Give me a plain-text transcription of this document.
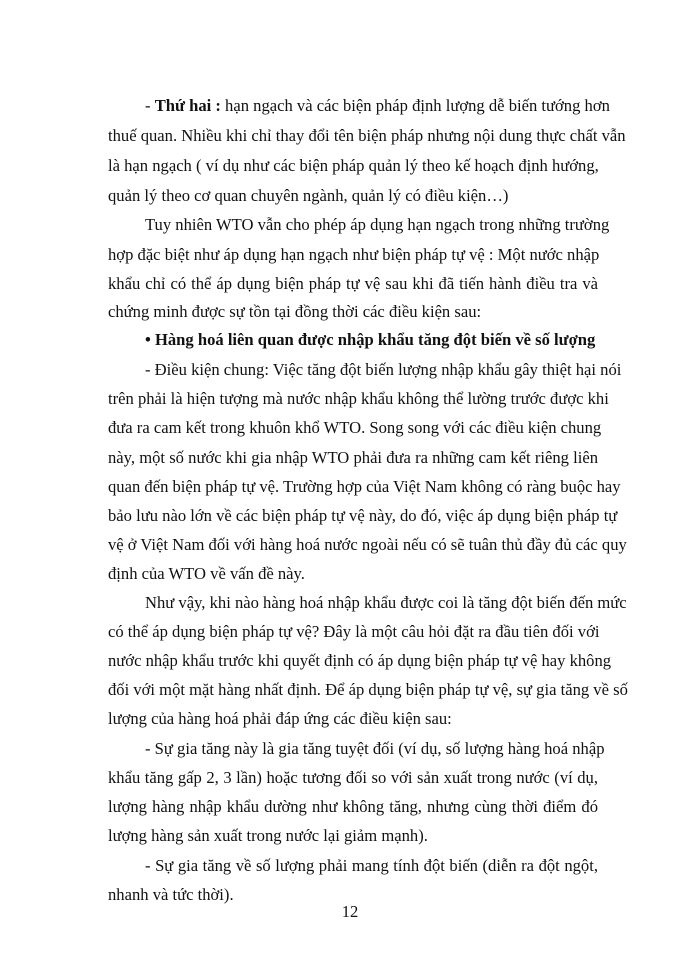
- Thứ hai : hạn ngạch và các biện pháp định lượng dễ biến tướng hơn
thuế quan. Nhiều khi chỉ thay đổi tên biện pháp nhưng nội dung thực chất vẫn
là hạn ngạch ( ví dụ như các biện pháp quản lý theo kế hoạch định hướng,
quản lý theo cơ quan chuyên ngành, quản lý có điều kiện…)
Tuy nhiên WTO vẫn cho phép áp dụng hạn ngạch trong những trường
hợp đặc biệt như áp dụng hạn ngạch như biện pháp tự vệ : Một nước nhập
khẩu chỉ có thể áp dụng biện pháp tự vệ sau khi đã tiến hành điều tra và
chứng minh được sự tồn tại đồng thời các điều kiện sau:
• Hàng hoá liên quan được nhập khẩu tăng đột biến về số lượng
- Điều kiện chung: Việc tăng đột biến lượng nhập khẩu gây thiệt hại nói
trên phải là hiện tượng mà nước nhập khẩu không thể lường trước được khi
đưa ra cam kết trong khuôn khổ WTO. Song song với các điều kiện chung
này, một số nước khi gia nhập WTO phải đưa ra những cam kết riêng liên
quan đến biện pháp tự vệ. Trường hợp của Việt Nam không có ràng buộc hay
bảo lưu nào lớn về các biện pháp tự vệ này, do đó, việc áp dụng biện pháp tự
vệ ở Việt Nam đối với hàng hoá nước ngoài nếu có sẽ tuân thủ đầy đủ các quy
định của WTO về vấn đề này.
Như vậy, khi nào hàng hoá nhập khẩu được coi là tăng đột biến đến mức
có thể áp dụng biện pháp tự vệ? Đây là một câu hỏi đặt ra đầu tiên đối với
nước nhập khẩu trước khi quyết định có áp dụng biện pháp tự vệ hay không
đối với một mặt hàng nhất định. Để áp dụng biện pháp tự vệ, sự gia tăng về số
lượng của hàng hoá phải đáp ứng các điều kiện sau:
- Sự gia tăng này là gia tăng tuyệt đối (ví dụ, số lượng hàng hoá nhập
khẩu tăng gấp 2, 3 lần) hoặc tương đối so với sản xuất trong nước (ví dụ,
lượng hàng nhập khẩu dường như không tăng, nhưng cùng thời điểm đó
lượng hàng sản xuất trong nước lại giảm mạnh).
- Sự gia tăng về số lượng phải mang tính đột biến (diễn ra đột ngột,
nhanh và tức thời).
12
